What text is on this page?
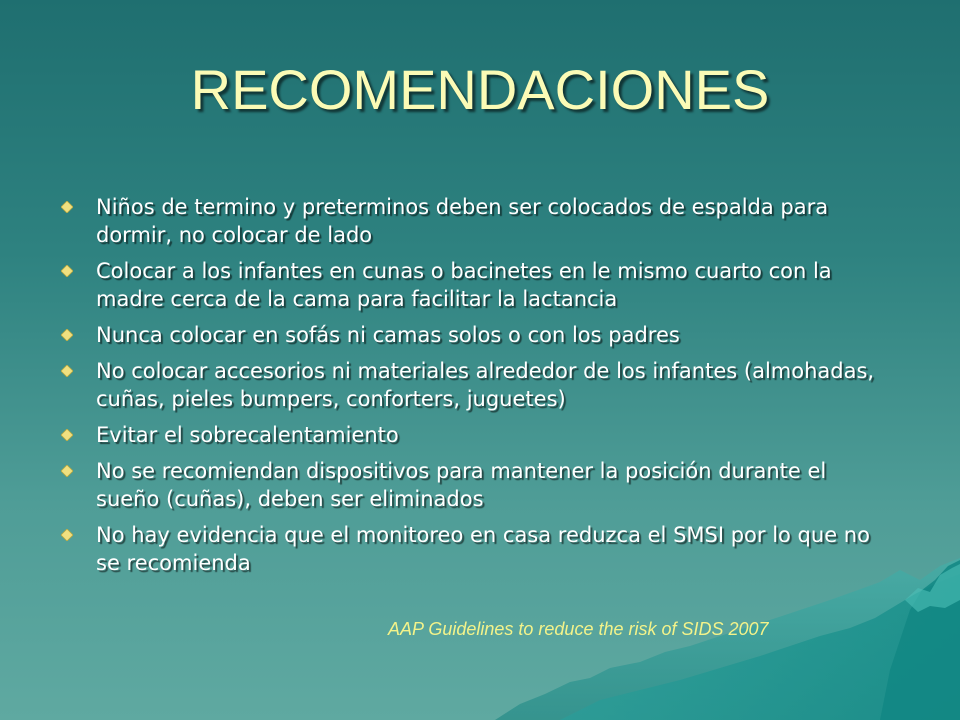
RECOMENDACIONES
Niños de termino y preterminos deben ser colocados de espalda para dormir, no colocar de lado
Colocar a los infantes en cunas o bacinetes en le mismo cuarto con la madre cerca de la cama para facilitar la lactancia
Nunca colocar en sofás ni camas solos o con los padres
No colocar accesorios ni materiales alrededor de los infantes (almohadas, cuñas, pieles bumpers, conforters, juguetes)
Evitar el sobrecalentamiento
No se recomiendan dispositivos para mantener la posición durante el sueño (cuñas), deben ser eliminados
No hay evidencia que el monitoreo en casa reduzca el SMSI por lo que no se recomienda

AAP Guidelines to reduce the risk of SIDS 2007
